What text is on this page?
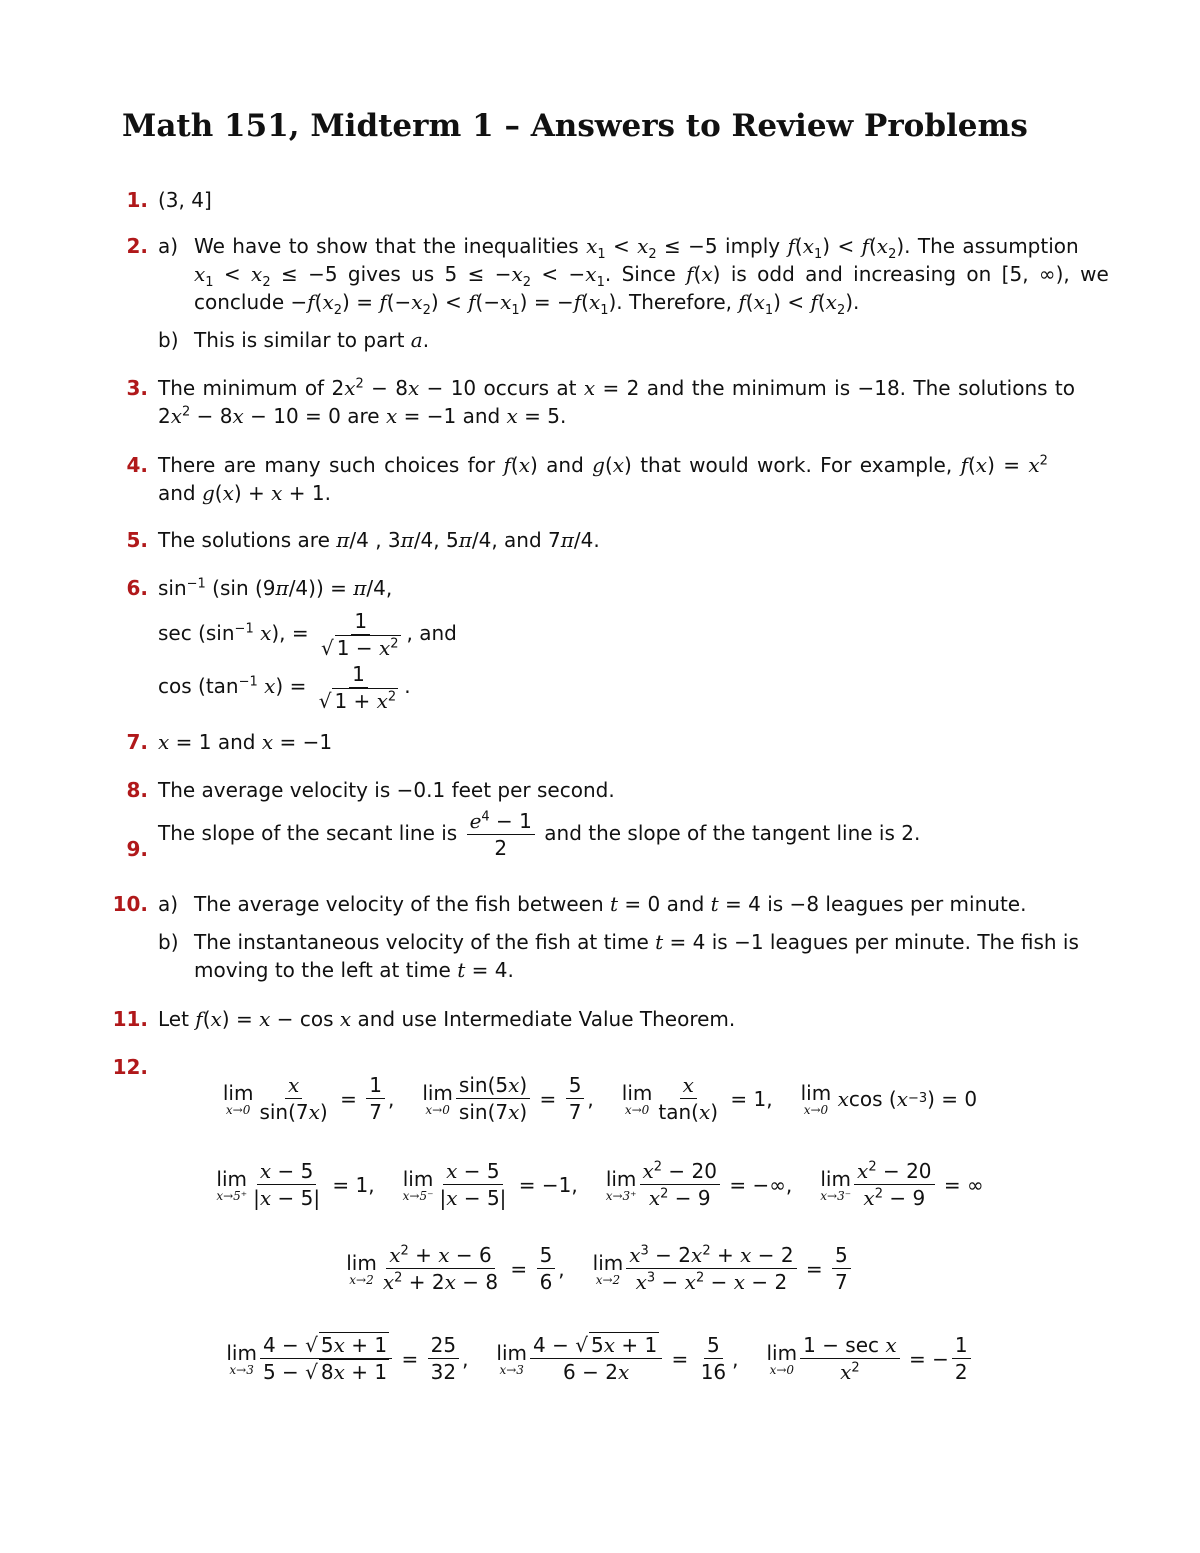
Math 151, Midterm 1 – Answers to Review Problems
1. (3, 4]
2. a) We have to show that the inequalities $x_1 < x_2 \le -5$ imply $f(x_1) < f(x_2)$. The assumption
$x_1 < x_2 \le -5$ gives us $5 \le -x_2 < -x_1$. Since f(x) is odd and increasing on [5, ∞), we
conclude $-f(x_2) = f(-x_2) < f(-x_1) = -f(x_1)$. Therefore, $f(x_1) < f(x_2)$.
b) This is similar to part a.
3. The minimum of $2x^2 - 8x - 10$ occurs at x = 2 and the minimum is −18. The solutions to
$2x^2 - 8x - 10 = 0$ are x = −1 and x = 5.
4. There are many such choices for f(x) and g(x) that would work. For example, $f(x) = x^2$
and g(x) + x + 1.
5. The solutions are π/4 , 3π/4, 5π/4, and 7π/4.
6. $\sin^{-1} (\sin$ (9π/4)) = π/4,
$\sec (\sin^{-1}$ x), = $\frac{1}{√ 1 - x^2}$ , and
$\cos (\tan^{-1}$ $x) = \frac{1}{√ 1 + x^2}$ .
7. x = 1 and x = −1
8. The average velocity is −0.1 feet per second.
9.
The slope of the secant line is $\frac{e^4 - 1}{2}$ and the slope of the tangent line is 2.
10. a) The average velocity of the fish between t = 0 and t = 4 is −8 leagues per minute.
b) The instantaneous velocity of the fish at time t = 4 is −1 leagues per minute. The fish is
moving to the left at time t = 4.
11. Let f(x) = x − cos x and use Intermediate Value Theorem.
12.
lim
$x\to 0 \frac{x}{\sin(7x)} = \frac{1}{7}$ , lim
$x\to 0 \frac{\sin(5x)}{\sin(7x)} = \frac{5}{7}$ , lim
$x\to 0 \frac{x}{\tan(x)} = 1$, lim
x→0
x cos ( x −3 ) = 0
lim
$x\to 5^+ \frac{x - 5}{|x - 5|} = 1$, lim
$x\to 5^- \frac{x - 5}{|x - 5|} = -1$, lim
$x\to 3^+ \frac{x^2 - 20}{x^2 - 9}$ = −∞, lim
$x\to 3^- \frac{x^2 - 20}{x^2 - 9}$ = ∞
lim
$x\to 2 \frac{x^2 + x - 6}{x^2 + 2x - 8} = \frac{5}{6}$ , lim
$x\to 2 \frac{x^3 - 2x^2 + x - 2}{x^3 - x^2 - x - 2} = \frac{5}{7}$
lim
$x\to 3 \frac{4 - √ 5x + 1}{5 - √ 8x + 1} = \frac{25}{32}$ , lim
$x\to 3 \frac{4 - √ 5x + 1}{6 - 2x} = \frac{5}{16}$ , lim
$x\to 0 \frac{\text{1 − sec x}}{x^2}$ = − $\frac{1}{2}$
